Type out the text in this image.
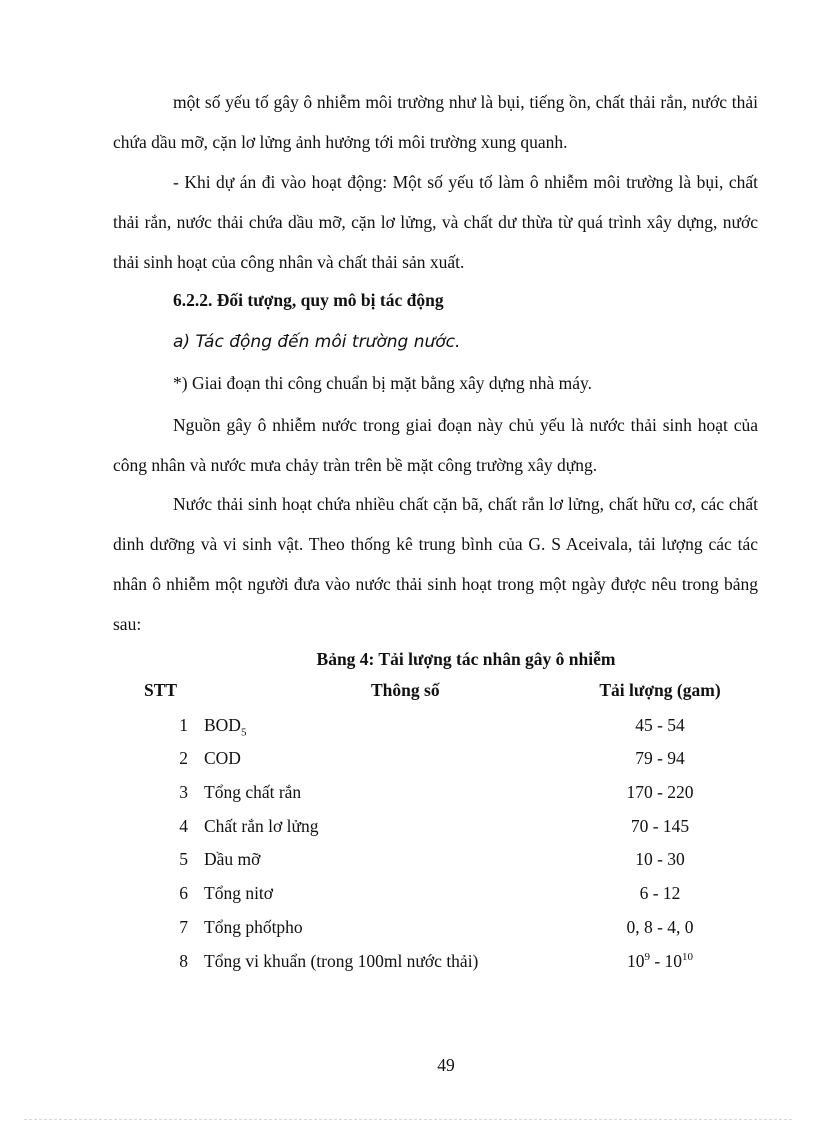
một số yếu tố gây ô nhiễm môi trường như là bụi, tiếng ồn, chất thải rắn, nước thải chứa dầu mỡ, cặn lơ lửng ảnh hưởng tới môi trường xung quanh.

- Khi dự án đi vào hoạt động: Một số yếu tố làm ô nhiễm môi trường là bụi, chất thải rắn, nước thải chứa dầu mỡ, cặn lơ lửng, và chất dư thừa từ quá trình xây dựng, nước thải sinh hoạt của công nhân và chất thải sản xuất.

6.2.2. Đối tượng, quy mô bị tác động

a) Tác động đến môi trường nước.

*) Giai đoạn thi công chuẩn bị mặt bằng xây dựng nhà máy.

Nguồn gây ô nhiễm nước trong giai đoạn này chủ yếu là nước thải sinh hoạt của công nhân và nước mưa chảy tràn trên bề mặt công trường xây dựng.

Nước thải sinh hoạt chứa nhiều chất cặn bã, chất rắn lơ lửng, chất hữu cơ, các chất dinh dưỡng và vi sinh vật. Theo thống kê trung bình của G. S Aceivala, tải lượng các tác nhân ô nhiễm một người đưa vào nước thải sinh hoạt trong một ngày được nêu trong bảng sau:

Bảng 4: Tải lượng tác nhân gây ô nhiễm
STT	Thông số	Tải lượng (gam)
1 $BOD_5$	45 - 54
2 COD	79 - 94
3 Tổng chất rắn	170 - 220
4 Chất rắn lơ lửng	70 - 145
5 Dầu mỡ	10 - 30
6 Tổng nitơ	6 - 12
7 Tổng phốtpho	0, 8 - 4, 0
8 Tổng vi khuẩn (trong 100ml nước thải)	$10^9 - 10^{10}$
49
